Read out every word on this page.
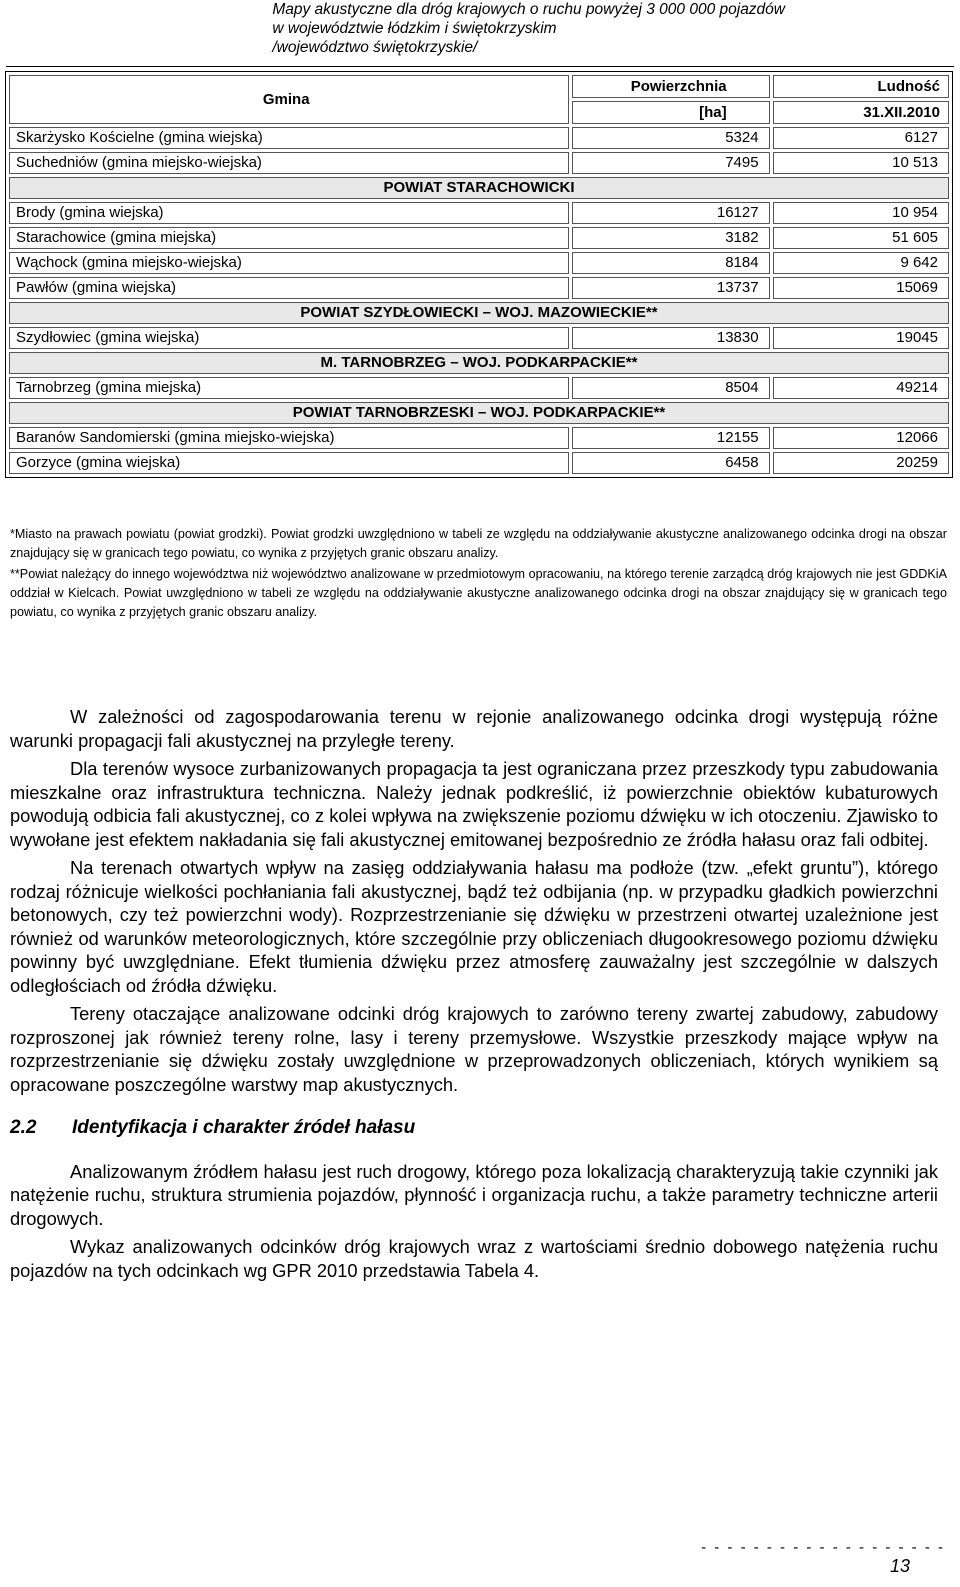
Mapy akustyczne dla dróg krajowych o ruchu powyżej 3 000 000 pojazdów
w województwie łódzkim i świętokrzyskim
/województwo świętokrzyskie/
Gmina	Powierzchnia	Ludność
	[ha]	31.XII.2010
Skarżysko Kościelne (gmina wiejska)	5324	6127
Suchedniów (gmina miejsko-wiejska)	7495	10 513
POWIAT STARACHOWICKI		
Brody (gmina wiejska)	16127	10 954
Starachowice (gmina miejska)	3182	51 605
Wąchock (gmina miejsko-wiejska)	8184	9 642
Pawłów (gmina wiejska)	13737	15069
POWIAT SZYDŁOWIECKI – WOJ. MAZOWIECKIE**		
Szydłowiec (gmina wiejska)	13830	19045
M. TARNOBRZEG – WOJ. PODKARPACKIE**		
Tarnobrzeg (gmina miejska)	8504	49214
POWIAT TARNOBRZESKI – WOJ. PODKARPACKIE**		
Baranów Sandomierski (gmina miejsko-wiejska)	12155	12066
Gorzyce (gmina wiejska)	6458	20259

*Miasto na prawach powiatu (powiat grodzki). Powiat grodzki uwzględniono w tabeli ze względu na oddziaływanie akustyczne analizowanego odcinka drogi na obszar znajdujący się w granicach tego powiatu, co wynika z przyjętych granic obszaru analizy.

**Powiat należący do innego województwa niż województwo analizowane w przedmiotowym opracowaniu, na którego terenie zarządcą dróg krajowych nie jest GDDKiA oddział w Kielcach. Powiat uwzględniono w tabeli ze względu na oddziaływanie akustyczne analizowanego odcinka drogi na obszar znajdujący się w granicach tego powiatu, co wynika z przyjętych granic obszaru analizy.

W zależności od zagospodarowania terenu w rejonie analizowanego odcinka drogi występują różne warunki propagacji fali akustycznej na przyległe tereny.

Dla terenów wysoce zurbanizowanych propagacja ta jest ograniczana przez przeszkody typu zabudowania mieszkalne oraz infrastruktura techniczna. Należy jednak podkreślić, iż powierzchnie obiektów kubaturowych powodują odbicia fali akustycznej, co z kolei wpływa na zwiększenie poziomu dźwięku w ich otoczeniu. Zjawisko to wywołane jest efektem nakładania się fali akustycznej emitowanej bezpośrednio ze źródła hałasu oraz fali odbitej.

Na terenach otwartych wpływ na zasięg oddziaływania hałasu ma podłoże (tzw. „efekt gruntu”), którego rodzaj różnicuje wielkości pochłaniania fali akustycznej, bądź też odbijania (np. w przypadku gładkich powierzchni betonowych, czy też powierzchni wody). Rozprzestrzenianie się dźwięku w przestrzeni otwartej uzależnione jest również od warunków meteorologicznych, które szczególnie przy obliczeniach długookresowego poziomu dźwięku powinny być uwzględniane. Efekt tłumienia dźwięku przez atmosferę zauważalny jest szczególnie w dalszych odległościach od źródła dźwięku.

Tereny otaczające analizowane odcinki dróg krajowych to zarówno tereny zwartej zabudowy, zabudowy rozproszonej jak również tereny rolne, lasy i tereny przemysłowe. Wszystkie przeszkody mające wpływ na rozprzestrzenianie się dźwięku zostały uwzględnione w przeprowadzonych obliczeniach, których wynikiem są opracowane poszczególne warstwy map akustycznych.

2.2 Identyfikacja i charakter źródeł hałasu

Analizowanym źródłem hałasu jest ruch drogowy, którego poza lokalizacją charakteryzują takie czynniki jak natężenie ruchu, struktura strumienia pojazdów, płynność i organizacja ruchu, a także parametry techniczne arterii drogowych.

Wykaz analizowanych odcinków dróg krajowych wraz z wartościami średnio dobowego natężenia ruchu pojazdów na tych odcinkach wg GPR 2010 przedstawia Tabela 4.

- - - - - - - - - - - - - - - - - - -
13
